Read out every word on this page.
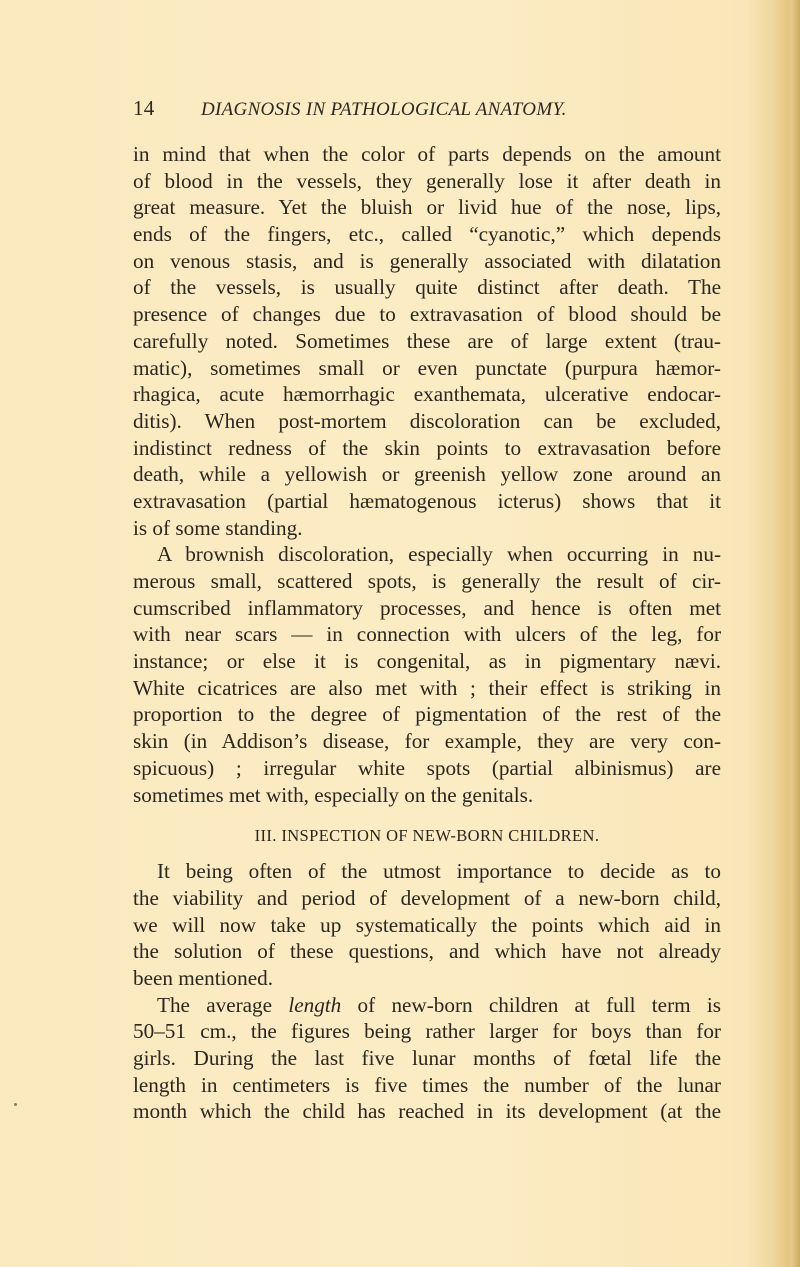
14 DIAGNOSIS IN PATHOLOGICAL ANATOMY.
in mind that when the color of parts depends on the amount
of blood in the vessels, they generally lose it after death in
great measure. Yet the bluish or livid hue of the nose, lips,
ends of the fingers, etc., called “cyanotic,” which depends
on venous stasis, and is generally associated with dilatation
of the vessels, is usually quite distinct after death. The
presence of changes due to extravasation of blood should be
carefully noted. Sometimes these are of large extent (trau-
matic), sometimes small or even punctate (purpura hæmor-
rhagica, acute hæmorrhagic exanthemata, ulcerative endocar-
ditis). When post-mortem discoloration can be excluded,
indistinct redness of the skin points to extravasation before
death, while a yellowish or greenish yellow zone around an
extravasation (partial hæmatogenous icterus) shows that it
is of some standing.
A brownish discoloration, especially when occurring in nu-
merous small, scattered spots, is generally the result of cir-
cumscribed inflammatory processes, and hence is often met
with near scars — in connection with ulcers of the leg, for
instance; or else it is congenital, as in pigmentary nævi.
White cicatrices are also met with ; their effect is striking in
proportion to the degree of pigmentation of the rest of the
skin (in Addison’s disease, for example, they are very con-
spicuous) ; irregular white spots (partial albinismus) are
sometimes met with, especially on the genitals.
III. INSPECTION OF NEW-BORN CHILDREN.
It being often of the utmost importance to decide as to
the viability and period of development of a new-born child,
we will now take up systematically the points which aid in
the solution of these questions, and which have not already
been mentioned.
The average length of new-born children at full term is
50–51 cm., the figures being rather larger for boys than for
girls. During the last five lunar months of fœtal life the
length in centimeters is five times the number of the lunar
month which the child has reached in its development (at the
